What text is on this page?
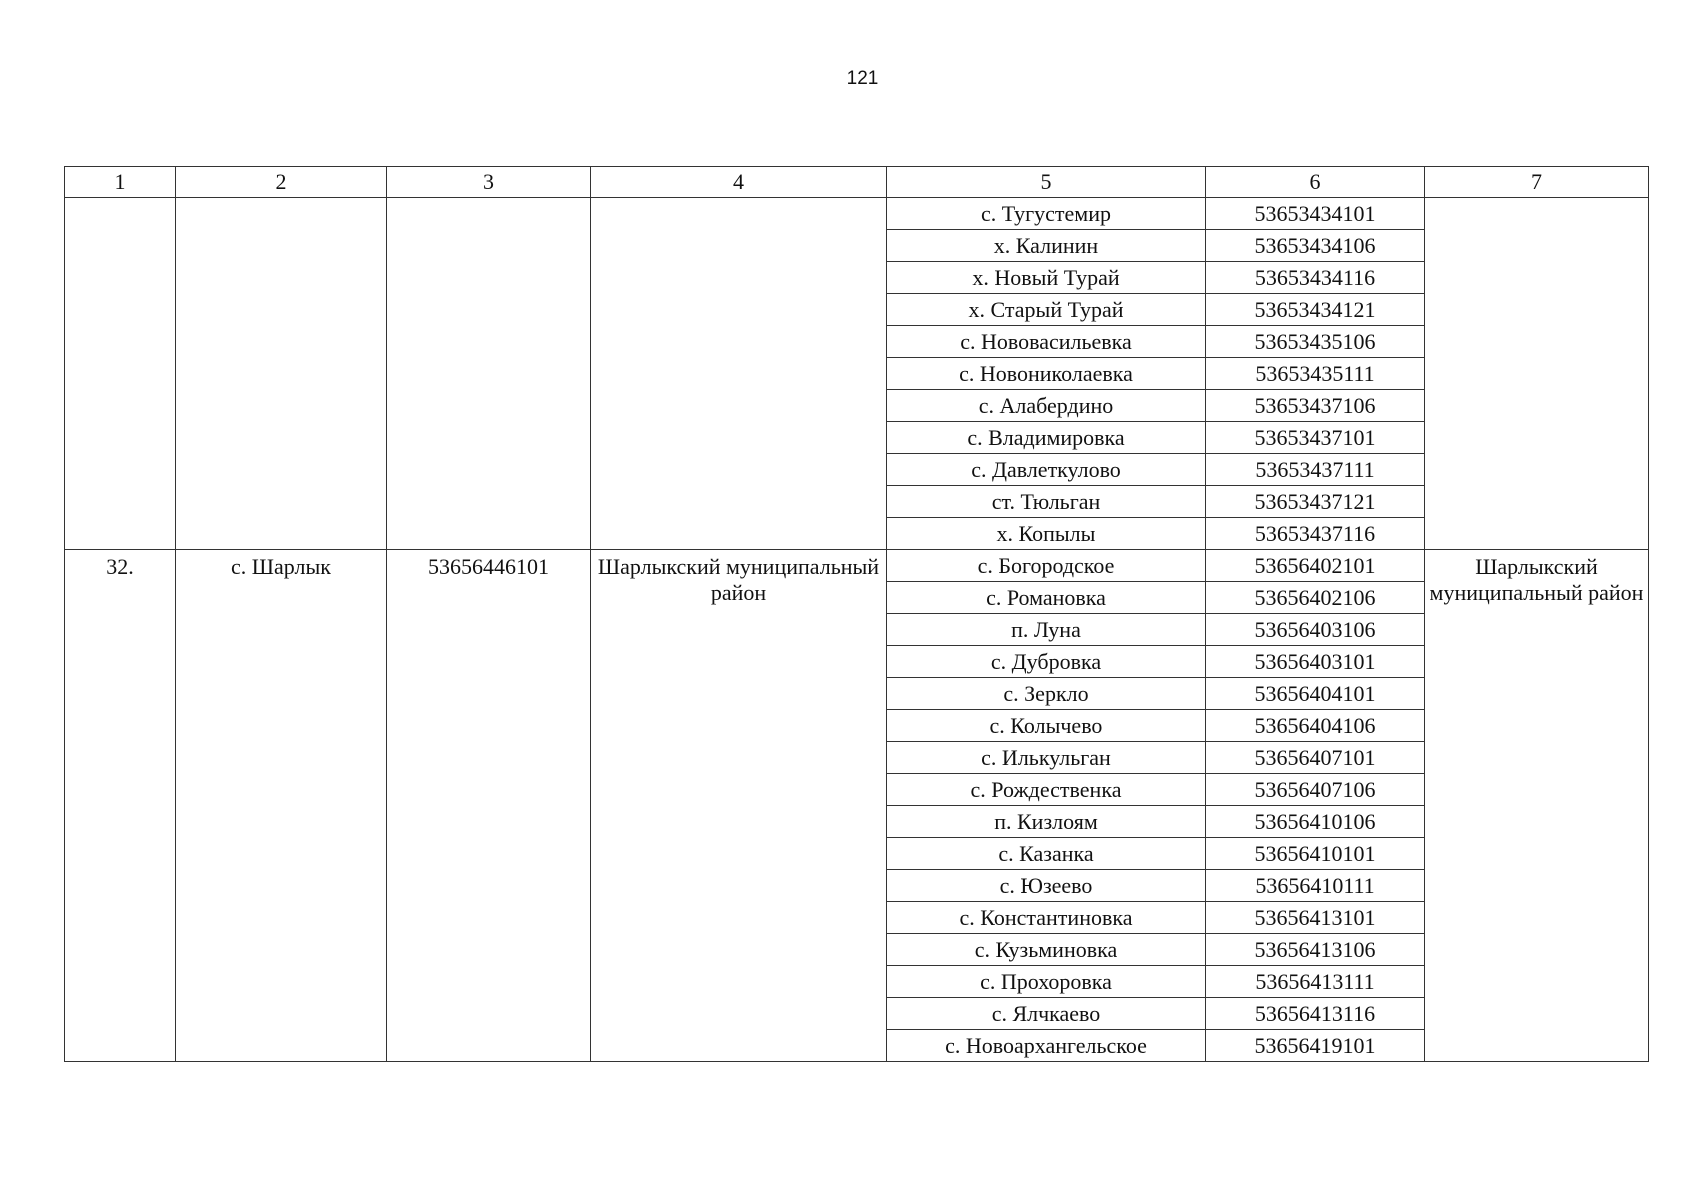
121
1	2	3	4	5	6	7
				с. Тугустемир	53653434101	
				х. Калинин	53653434106	
				х. Новый Турай	53653434116	
				х. Старый Турай	53653434121	
				с. Нововасильевка	53653435106	
				с. Новониколаевка	53653435111	
				с. Алабердино	53653437106	
				с. Владимировка	53653437101	
				с. Давлеткулово	53653437111	
				ст. Тюльган	53653437121	
				х. Копылы	53653437116	
32.	с. Шарлык	53656446101	Шарлыкский муниципальный район	с. Богородское	53656402101	Шарлыкский муниципальный район
				с. Романовка	53656402106	
				п. Луна	53656403106	
				с. Дубровка	53656403101	
				с. Зеркло	53656404101	
				с. Колычево	53656404106	
				с. Илькульган	53656407101	
				с. Рождественка	53656407106	
				п. Кизлоям	53656410106	
				с. Казанка	53656410101	
				с. Юзеево	53656410111	
				с. Константиновка	53656413101	
				с. Кузьминовка	53656413106	
				с. Прохоровка	53656413111	
				с. Ялчкаево	53656413116	
				с. Новоархангельское	53656419101	
